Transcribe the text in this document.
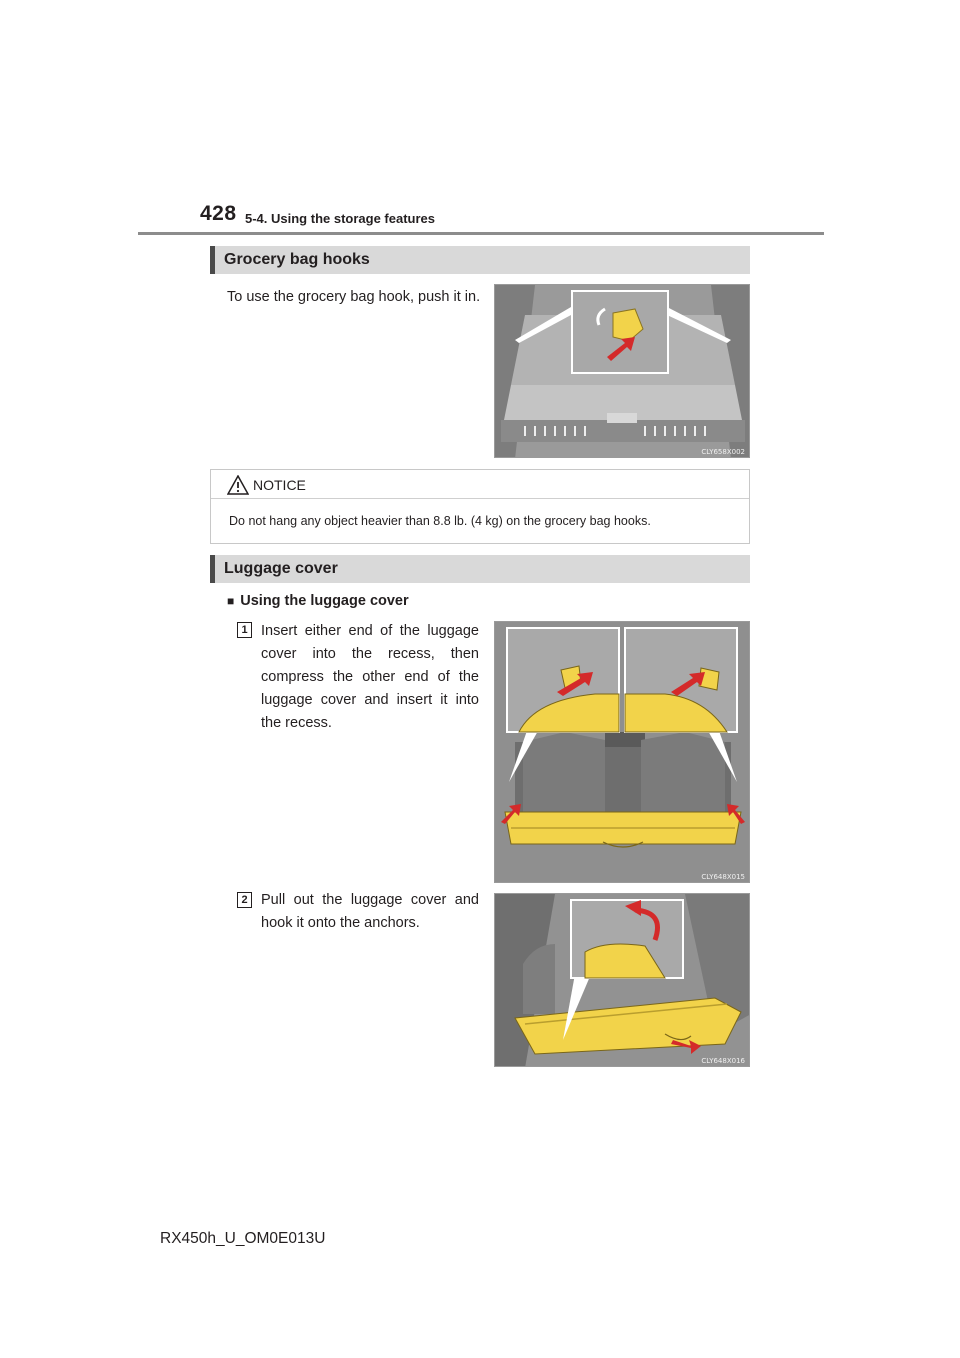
428 5-4. Using the storage features
Grocery bag hooks
To use the grocery bag hook, push it in.
CLY658X002
NOTICE
Do not hang any object heavier than 8.8 lb. (4 kg) on the grocery bag hooks.
Luggage cover
■ Using the luggage cover
1 Insert either end of the luggage cover into the recess, then compress the other end of the luggage cover and insert it into the recess.
CLY648X015
2 Pull out the luggage cover and hook it onto the anchors.
CLY648X016
RX450h_U_OM0E013U
